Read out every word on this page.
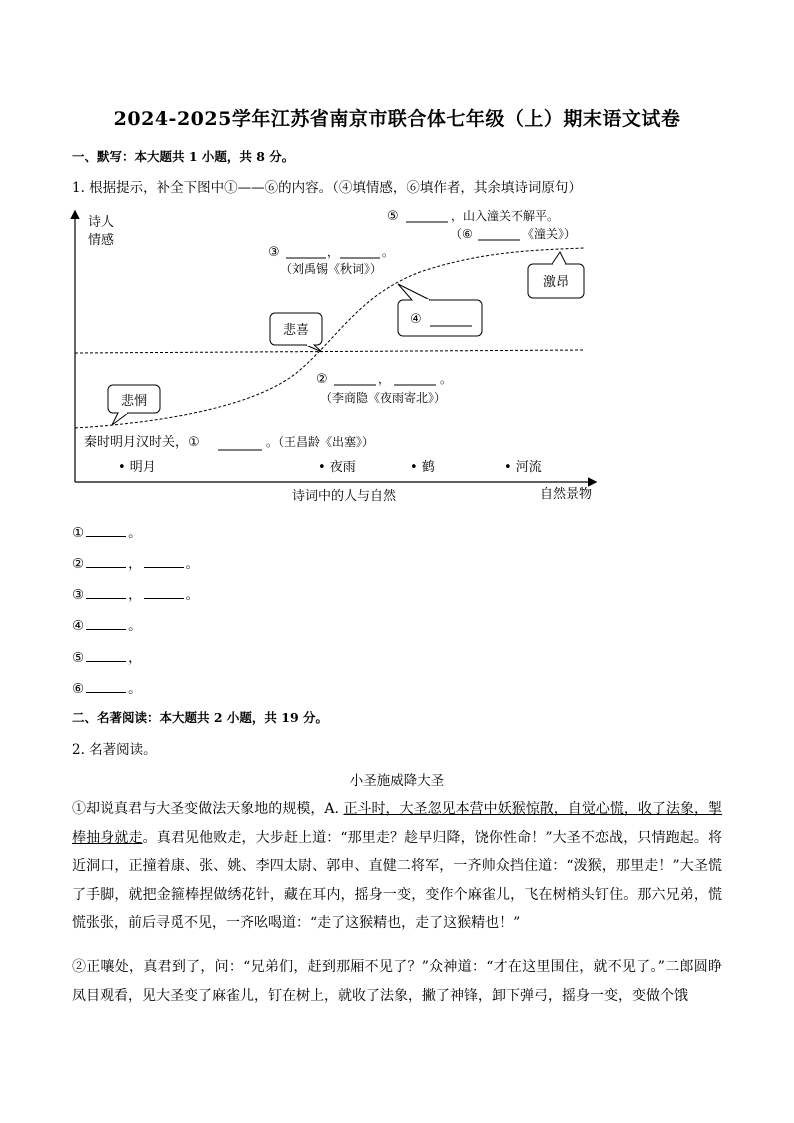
2024-2025学年江苏省南京市联合体七年级（上）期末语文试卷
一、默写：本大题共 1 小题，共 8 分。
1. 根据提示，补全下图中①——⑥的内容。（④填情感，⑥填作者，其余填诗词原句）
悲惘
悲喜
④
激昂
诗人
情感
⑤	，山入潼关不解平。
（⑥	《潼关》）
③	，	。
（刘禹锡《秋词》）
②	，	。
（李商隐《夜雨寄北》）
秦时明月汉时关，①	。（王昌龄《出塞》）
• 明月	• 夜雨	• 鹤	• 河流
诗词中的人与自然	自然景物
①	。
②	，	。
③	，	。
④	。
⑤	，
⑥	。
二、名著阅读：本大题共 2 小题，共 19 分。
2. 名著阅读。
小圣施威降大圣
①却说真君与大圣变做法天象地的规模，A. 正斗时，大圣忽见本营中妖猴惊散，自觉心慌，收了法象，掣棒抽身就走。真君见他败走，大步赶上道：“那里走？趁早归降，饶你性命！”大圣不恋战，只情跑起。将近洞口，正撞着康、张、姚、李四太尉、郭申、直健二将军，一齐帅众挡住道：“泼猴，那里走！”大圣慌了手脚，就把金箍棒捏做绣花针，藏在耳内，摇身一变，变作个麻雀儿，飞在树梢头钉住。那六兄弟，慌慌张张，前后寻觅不见，一齐吆喝道：“走了这猴精也，走了这猴精也！”
②正嚷处，真君到了，问：“兄弟们，赶到那厢不见了？”众神道：“才在这里围住，就不见了。”二郎圆睁凤目观看，见大圣变了麻雀儿，钉在树上，就收了法象，撇了神锋，卸下弹弓，摇身一变，变做个饿
